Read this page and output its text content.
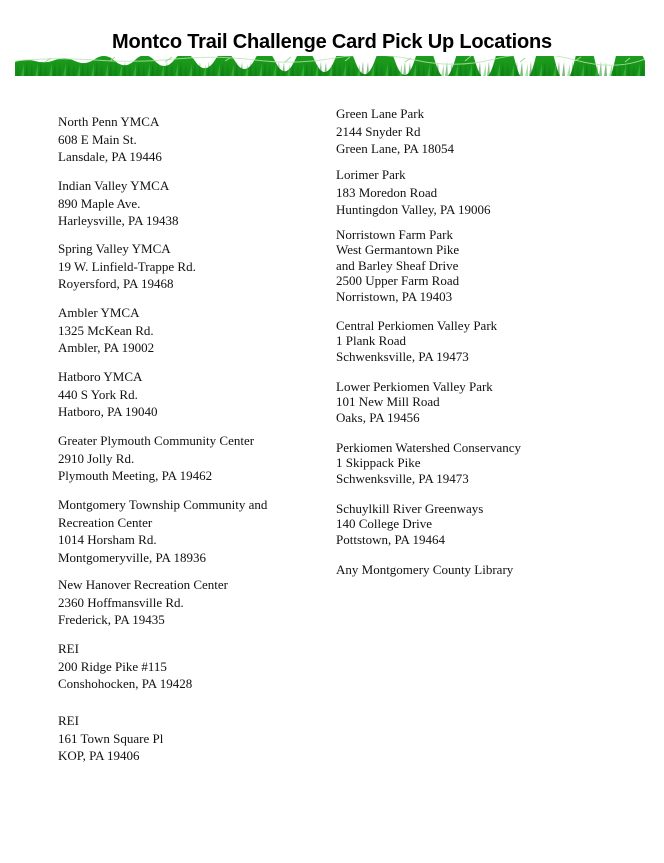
Montco Trail Challenge Card Pick Up Locations
North Penn YMCA
608 E Main St.
Lansdale, PA 19446
Indian Valley YMCA
890 Maple Ave.
Harleysville, PA 19438
Spring Valley YMCA
19 W. Linfield-Trappe Rd.
Royersford, PA 19468
Ambler YMCA
1325 McKean Rd.
Ambler, PA 19002
Hatboro YMCA
440 S York Rd.
Hatboro, PA 19040
Greater Plymouth Community Center
2910 Jolly Rd.
Plymouth Meeting, PA 19462
Montgomery Township Community and
Recreation Center
1014 Horsham Rd.
Montgomeryville, PA 18936
New Hanover Recreation Center
2360 Hoffmansville Rd.
Frederick, PA 19435
REI
200 Ridge Pike #115
Conshohocken, PA 19428
REI
161 Town Square Pl
KOP, PA 19406
Green Lane Park
2144 Snyder Rd
Green Lane, PA 18054
Lorimer Park
183 Moredon Road
Huntingdon Valley, PA 19006
Norristown Farm Park
West Germantown Pike
and Barley Sheaf Drive
2500 Upper Farm Road
Norristown, PA 19403
Central Perkiomen Valley Park
1 Plank Road
Schwenksville, PA 19473
Lower Perkiomen Valley Park
101 New Mill Road
Oaks, PA 19456
Perkiomen Watershed Conservancy
1 Skippack Pike
Schwenksville, PA 19473
Schuylkill River Greenways
140 College Drive
Pottstown, PA 19464
Any Montgomery County Library
